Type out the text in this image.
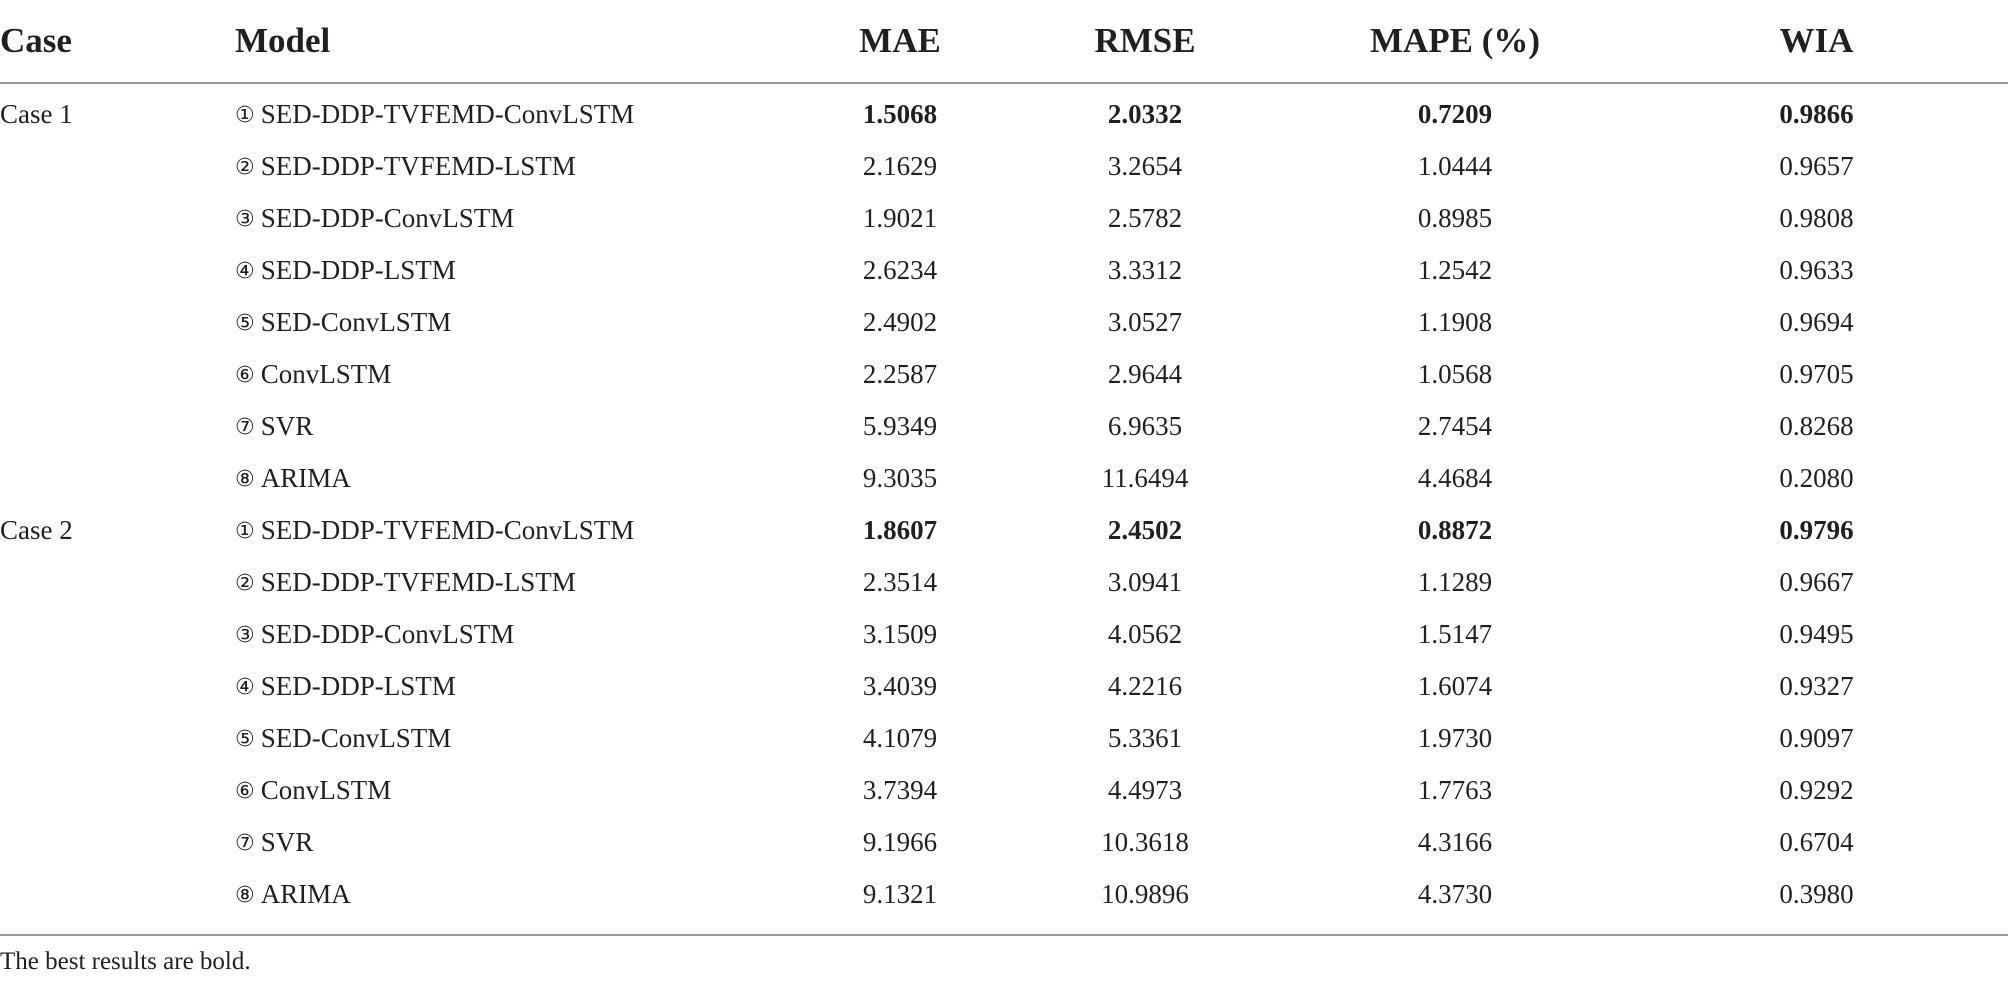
Case	Model	MAE	RMSE	MAPE (%)	WIA
Case 1	① SED-DDP-TVFEMD-ConvLSTM	1.5068	2.0332	0.7209	0.9866
	② SED-DDP-TVFEMD-LSTM	2.1629	3.2654	1.0444	0.9657
	③ SED-DDP-ConvLSTM	1.9021	2.5782	0.8985	0.9808
	④ SED-DDP-LSTM	2.6234	3.3312	1.2542	0.9633
	⑤ SED-ConvLSTM	2.4902	3.0527	1.1908	0.9694
	⑥ ConvLSTM	2.2587	2.9644	1.0568	0.9705
	⑦ SVR	5.9349	6.9635	2.7454	0.8268
	⑧ ARIMA	9.3035	11.6494	4.4684	0.2080
Case 2	① SED-DDP-TVFEMD-ConvLSTM	1.8607	2.4502	0.8872	0.9796
	② SED-DDP-TVFEMD-LSTM	2.3514	3.0941	1.1289	0.9667
	③ SED-DDP-ConvLSTM	3.1509	4.0562	1.5147	0.9495
	④ SED-DDP-LSTM	3.4039	4.2216	1.6074	0.9327
	⑤ SED-ConvLSTM	4.1079	5.3361	1.9730	0.9097
	⑥ ConvLSTM	3.7394	4.4973	1.7763	0.9292
	⑦ SVR	9.1966	10.3618	4.3166	0.6704
	⑧ ARIMA	9.1321	10.9896	4.3730	0.3980
The best results are bold.
